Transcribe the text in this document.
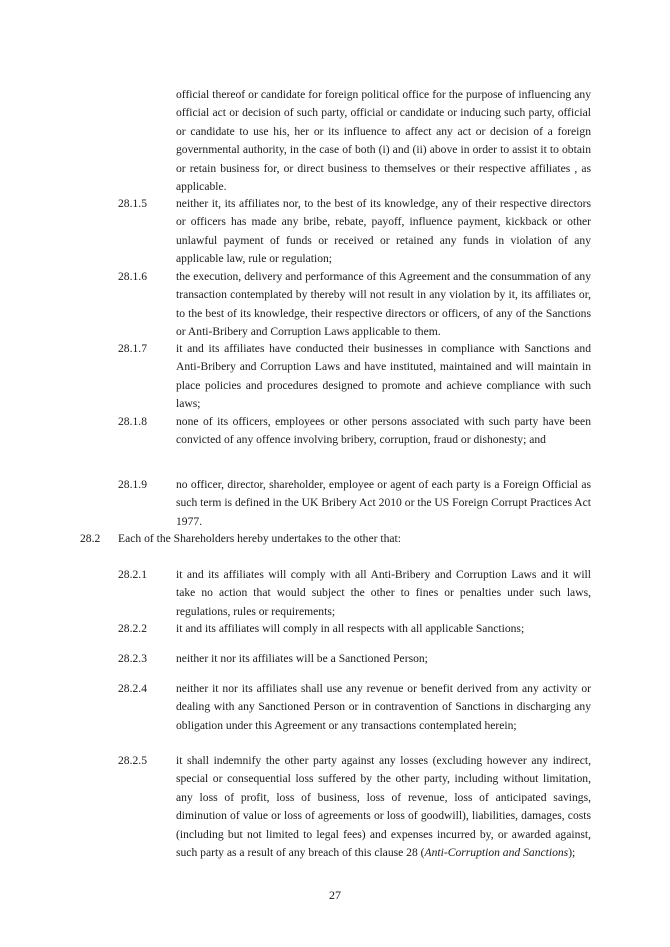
official thereof or candidate for foreign political office for the purpose of influencing any official act or decision of such party, official or candidate or inducing such party, official or candidate to use his, her or its influence to affect any act or decision of a foreign governmental authority, in the case of both (i) and (ii) above in order to assist it to obtain or retain business for, or direct business to themselves or their respective affiliates , as applicable.

28.1.5	neither it, its affiliates nor, to the best of its knowledge, any of their respective directors or officers has made any bribe, rebate, payoff, influence payment, kickback or other unlawful payment of funds or received or retained any funds in violation of any applicable law, rule or regulation;

28.1.6	the execution, delivery and performance of this Agreement and the consummation of any transaction contemplated by thereby will not result in any violation by it, its affiliates or, to the best of its knowledge, their respective directors or officers, of any of the Sanctions or Anti-Bribery and Corruption Laws applicable to them.

28.1.7	it and its affiliates have conducted their businesses in compliance with Sanctions and Anti-Bribery and Corruption Laws and have instituted, maintained and will maintain in place policies and procedures designed to promote and achieve compliance with such laws;

28.1.8	none of its officers, employees or other persons associated with such party have been convicted of any offence involving bribery, corruption, fraud or dishonesty; and

28.1.9	no officer, director, shareholder, employee or agent of each party is a Foreign Official as such term is defined in the UK Bribery Act 2010 or the US Foreign Corrupt Practices Act 1977.

28.2 Each of the Shareholders hereby undertakes to the other that:

28.2.1	it and its affiliates will comply with all Anti-Bribery and Corruption Laws and it will take no action that would subject the other to fines or penalties under such laws, regulations, rules or requirements;

28.2.2	it and its affiliates will comply in all respects with all applicable Sanctions;

28.2.3	neither it nor its affiliates will be a Sanctioned Person;

28.2.4	neither it nor its affiliates shall use any revenue or benefit derived from any activity or dealing with any Sanctioned Person or in contravention of Sanctions in discharging any obligation under this Agreement or any transactions contemplated herein;

28.2.5	it shall indemnify the other party against any losses (excluding however any indirect, special or consequential loss suffered by the other party, including without limitation, any loss of profit, loss of business, loss of revenue, loss of anticipated savings, diminution of value or loss of agreements or loss of goodwill), liabilities, damages, costs (including but not limited to legal fees) and expenses incurred by, or awarded against, such party as a result of any breach of this clause 28 (Anti-Corruption and Sanctions);

27
